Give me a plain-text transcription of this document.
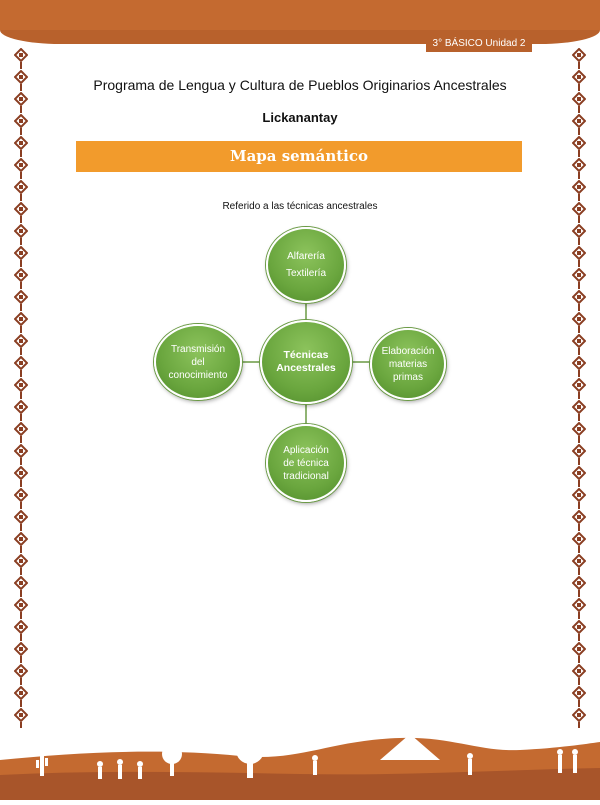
3° BÁSICO Unidad 2
Programa de Lengua y Cultura de Pueblos Originarios Ancestrales
Lickanantay
Mapa semántico
Referido a las técnicas ancestrales
Alfarería
Textilería
Transmisión
del
conocimiento
Técnicas
Ancestrales
Elaboración
materias
primas
Aplicación
de técnica
tradicional
